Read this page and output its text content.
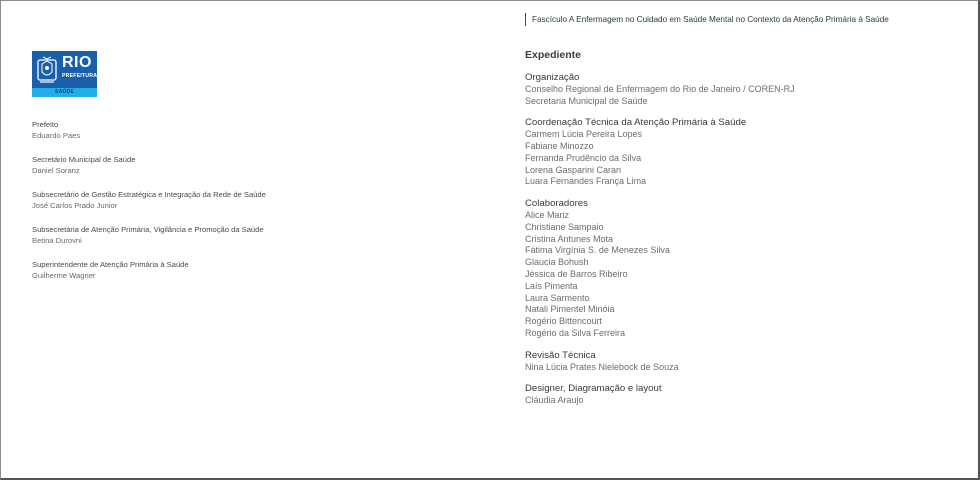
Fascículo A Enfermagem no Cuidado em Saúde Mental no Contexto da Atenção Primária à Saúde
RIO
PREFEITURA
SAÚDE
Prefeito
Eduardo Paes
Secretário Municipal de Saúde
Daniel Soranz
Subsecretário de Gestão Estratégica e Integração da Rede de Saúde
José Carlos Prado Junior
Subsecretária de Atenção Primária, Vigilância e Promoção da Saúde
Betina Durovni
Superintendente de Atenção Primária à Saúde
Guilherme Wagner
Expediente
Organização
Conselho Regional de Enfermagem do Rio de Janeiro / COREN-RJ
Secretaria Municipal de Saúde
Coordenação Técnica da Atenção Primária à Saúde
Carmem Lúcia Pereira Lopes
Fabiane Minozzo
Fernanda Prudêncio da Silva
Lorena Gasparini Caran
Luara Fernandes França Lima
Colaboradores
Alice Mariz
Christiane Sampaio
Cristina Antunes Mota
Fátima Virgínia S. de Menezes Silva
Glaucia Bohush
Jéssica de Barros Ribeiro
Laís Pimenta
Laura Sarmento
Natali Pimentel Minóia
Rogério Bittencourt
Rogério da Silva Ferreira
Revisão Técnica
Nina Lúcia Prates Nielebock de Souza
Designer, Diagramação e layout
Cláudia Araujo
